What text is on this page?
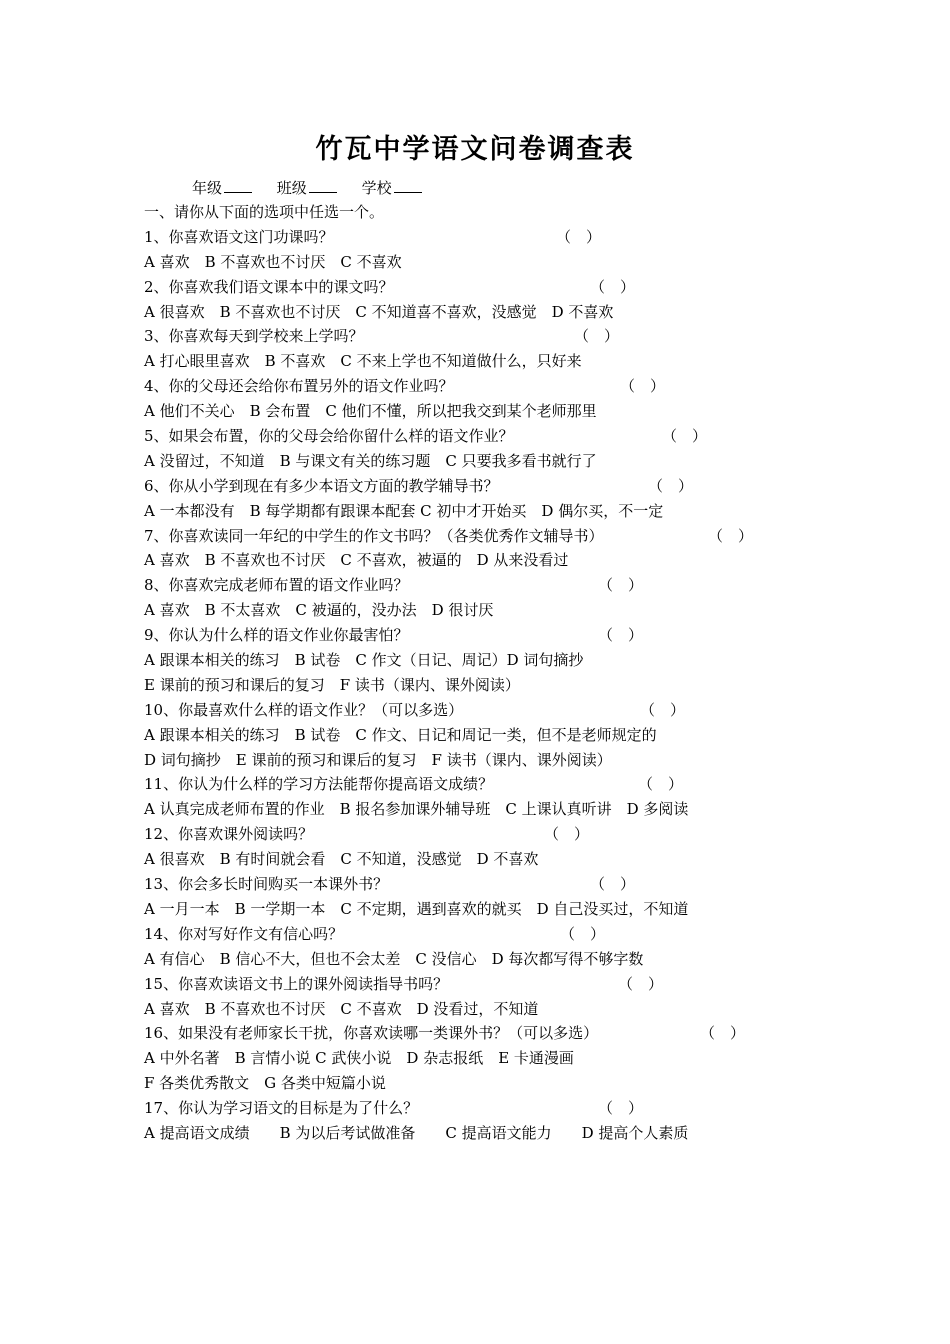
竹瓦中学语文问卷调查表
年级	班级	学校
一、请你从下面的选项中任选一个。
1、你喜欢语文这门功课吗？	（　）
A 喜欢　B 不喜欢也不讨厌　C 不喜欢
2、你喜欢我们语文课本中的课文吗？	（　）
A 很喜欢　B 不喜欢也不讨厌　C 不知道喜不喜欢，没感觉　D 不喜欢
3、你喜欢每天到学校来上学吗？	（　）
A 打心眼里喜欢　B 不喜欢　C 不来上学也不知道做什么，只好来
4、你的父母还会给你布置另外的语文作业吗？	（　）
A 他们不关心　B 会布置　C 他们不懂，所以把我交到某个老师那里
5、如果会布置，你的父母会给你留什么样的语文作业？	（　）
A 没留过，不知道　B 与课文有关的练习题　C 只要我多看书就行了
6、你从小学到现在有多少本语文方面的教学辅导书？	（　）
A 一本都没有　B 每学期都有跟课本配套 C 初中才开始买　D 偶尔买，不一定
7、你喜欢读同一年纪的中学生的作文书吗？（各类优秀作文辅导书）	（　）
A 喜欢　B 不喜欢也不讨厌　C 不喜欢，被逼的　D 从来没看过
8、你喜欢完成老师布置的语文作业吗？	（　）
A 喜欢　B 不太喜欢　C 被逼的，没办法　D 很讨厌
9、你认为什么样的语文作业你最害怕？	（　）
A 跟课本相关的练习　B 试卷　C 作文（日记、周记）D 词句摘抄
E 课前的预习和课后的复习　F 读书（课内、课外阅读）
10、你最喜欢什么样的语文作业？（可以多选）	（　）
A 跟课本相关的练习　B 试卷　C 作文、日记和周记一类，但不是老师规定的
D 词句摘抄　E 课前的预习和课后的复习　F 读书（课内、课外阅读）
11、你认为什么样的学习方法能帮你提高语文成绩？	（　）
A 认真完成老师布置的作业　B 报名参加课外辅导班　C 上课认真听讲　D 多阅读
12、你喜欢课外阅读吗？	（　）
A 很喜欢　B 有时间就会看　C 不知道，没感觉　D 不喜欢
13、你会多长时间购买一本课外书？	（　）
A 一月一本　B 一学期一本　C 不定期，遇到喜欢的就买　D 自己没买过，不知道
14、你对写好作文有信心吗？	（　）
A 有信心　B 信心不大，但也不会太差　C 没信心　D 每次都写得不够字数
15、你喜欢读语文书上的课外阅读指导书吗？	（　）
A 喜欢　B 不喜欢也不讨厌　C 不喜欢　D 没看过，不知道
16、如果没有老师家长干扰，你喜欢读哪一类课外书？（可以多选）	（　）
A 中外名著　B 言情小说 C 武侠小说　D 杂志报纸　E 卡通漫画
F 各类优秀散文　G 各类中短篇小说
17、你认为学习语文的目标是为了什么？	（　）
A 提高语文成绩　　B 为以后考试做准备　　C 提高语文能力　　D 提高个人素质
